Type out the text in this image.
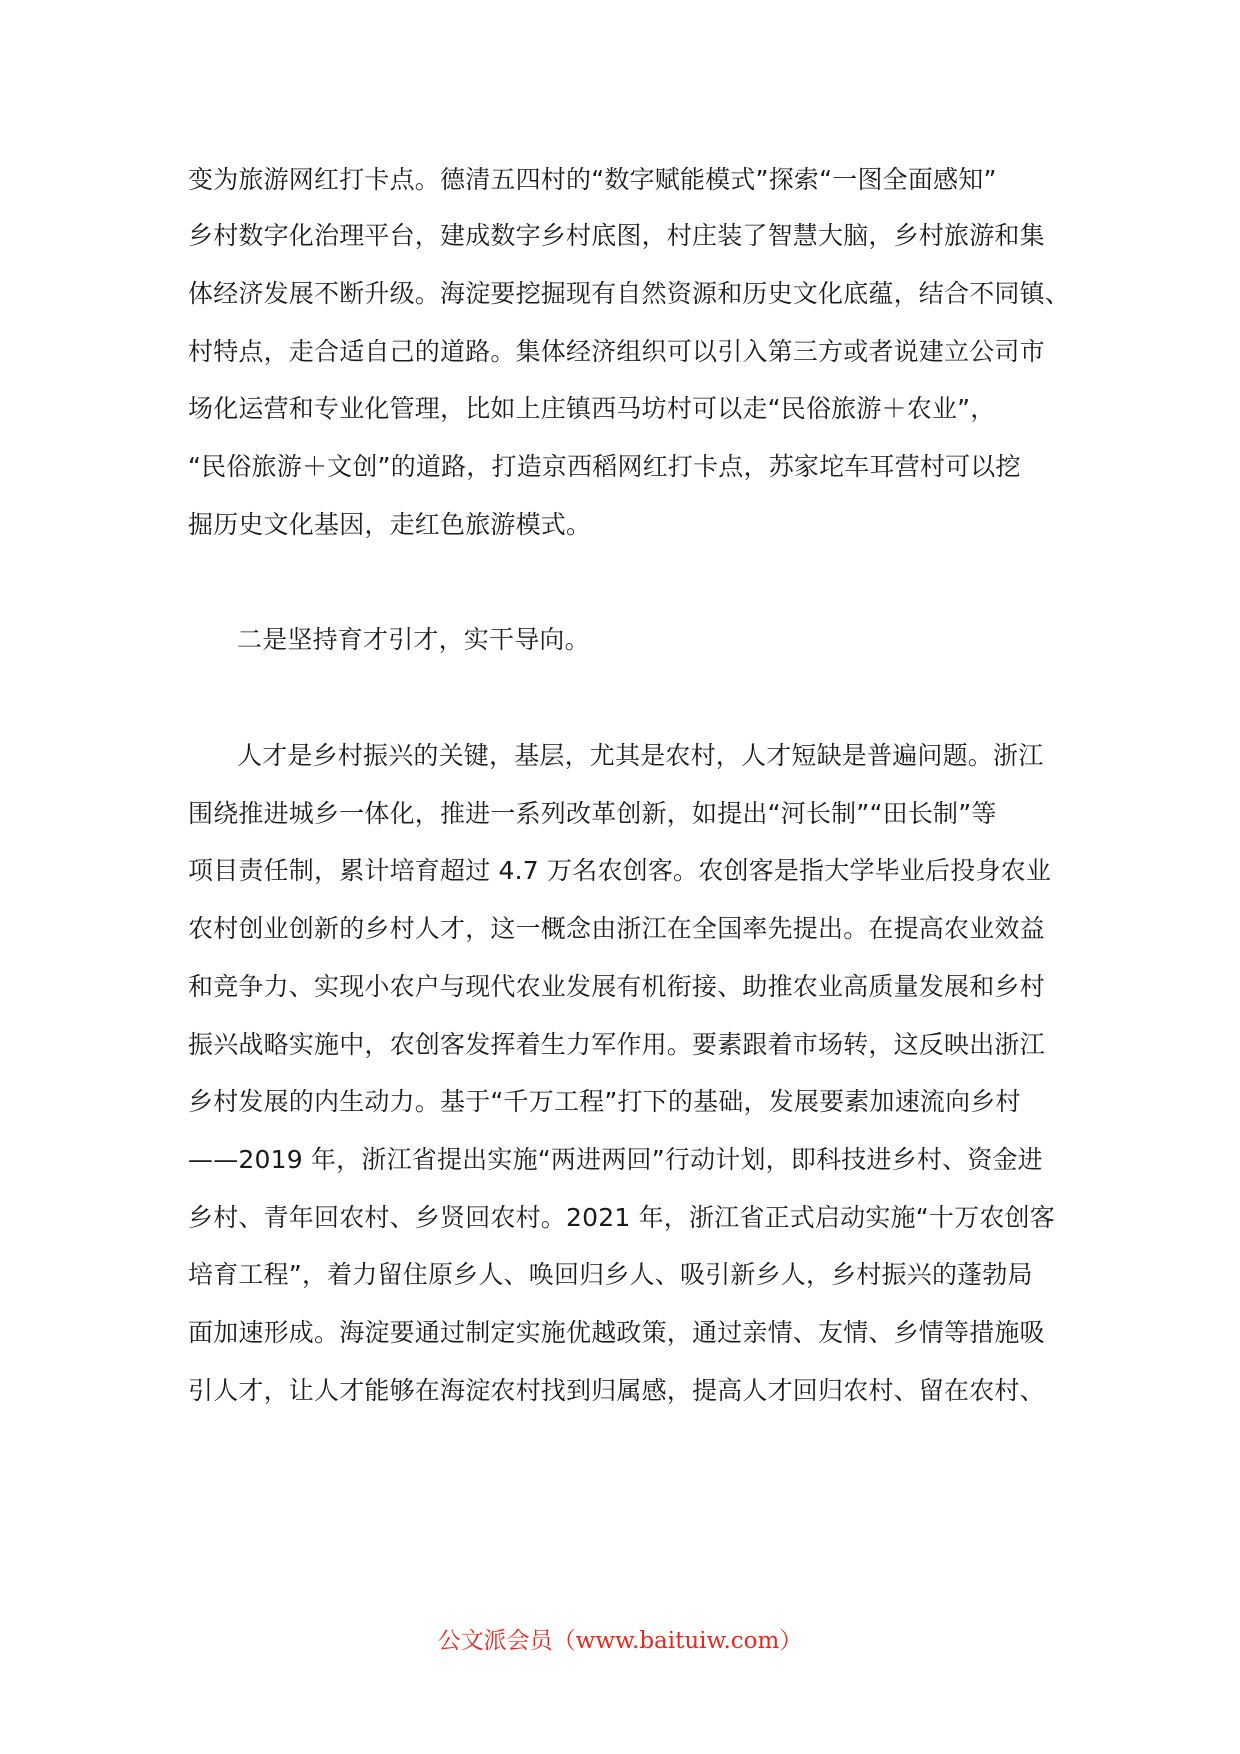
变为旅游网红打卡点。德清五四村的“数字赋能模式”探索“一图全面感知”

乡村数字化治理平台，建成数字乡村底图，村庄装了智慧大脑，乡村旅游和集

体经济发展不断升级。海淀要挖掘现有自然资源和历史文化底蕴，结合不同镇、

村特点，走合适自己的道路。集体经济组织可以引入第三方或者说建立公司市

场化运营和专业化管理，比如上庄镇西马坊村可以走“民俗旅游＋农业”，

“民俗旅游＋文创”的道路，打造京西稻网红打卡点，苏家坨车耳营村可以挖

掘历史文化基因，走红色旅游模式。

二是坚持育才引才，实干导向。

人才是乡村振兴的关键，基层，尤其是农村，人才短缺是普遍问题。浙江

围绕推进城乡一体化，推进一系列改革创新，如提出“河长制”“田长制”等

项目责任制，累计培育超过 4.7 万名农创客。农创客是指大学毕业后投身农业

农村创业创新的乡村人才，这一概念由浙江在全国率先提出。在提高农业效益

和竞争力、实现小农户与现代农业发展有机衔接、助推农业高质量发展和乡村

振兴战略实施中，农创客发挥着生力军作用。要素跟着市场转，这反映出浙江

乡村发展的内生动力。基于“千万工程”打下的基础，发展要素加速流向乡村

——2019 年，浙江省提出实施“两进两回”行动计划，即科技进乡村、资金进

乡村、青年回农村、乡贤回农村。2021 年，浙江省正式启动实施“十万农创客

培育工程”，着力留住原乡人、唤回归乡人、吸引新乡人，乡村振兴的蓬勃局

面加速形成。海淀要通过制定实施优越政策，通过亲情、友情、乡情等措施吸

引人才，让人才能够在海淀农村找到归属感，提高人才回归农村、留在农村、

公文派会员（www.baituiw.com）
